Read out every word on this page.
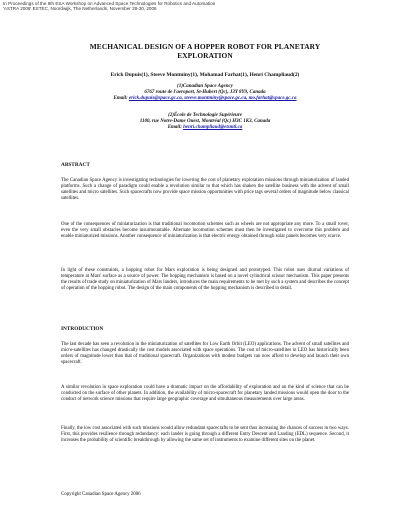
In Proceedings of the 9th ESA Workshop on Advanced Space Technologies for Robotics and Automation
'ASTRA 2006' ESTEC, Noordwijk, The Netherlands, November 28-30, 2006
MECHANICAL DESIGN OF A HOPPER ROBOT FOR PLANETARY
EXPLORATION
Erick Dupuis(1), Steeve Montminy(1), Mohamad Farhat(1), Henri Champliaud(2)
(1)Canadian Space Agency
6767 route de l'aeroport, St-Hubert (Qc), J3Y 8Y9, Canada
Email: erick.dupuis@space.gc.ca, steeve.montminy@space.gc.ca, mo.farhat@space.gc.ca
(2)École de Technologie Supérieure
1100, rue Notre-Dame Ouest, Montréal (Qc) H3C 1K3, Canada
Email: henri.champliaud@etsmtl.ca
ABSTRACT

The Canadian Space Agency is investigating technologies for lowering the cost of planetary exploration missions through miniaturization of landed platforms. Such a change of paradigm could enable a revolution similar to that which has shaken the satellite business with the advent of small satellites and micro satellites. Such spacecrafts now provide space mission opportunities with price tags several orders of magnitude below classical satellites.

One of the consequences of miniaturization is that traditional locomotion schemes such as wheels are not appropriate any more. To a small rover, even the very small obstacles become insurmountable. Alternate locomotion schemes must then be investigated to overcome this problem and enable miniaturized missions. Another consequence of miniaturization is that electric energy obtained through solar panels becomes very scarce.

In light of these constraints, a hopping robot for Mars exploration is being designed and prototyped. This robot uses diurnal variations of temperature at Mars' surface as a source of power. The hopping mechanism is based on a novel cylindrical scissor mechanism. This paper presents the results of trade study on miniaturization of Mars landers, introduces the main requirements to be met by such a system and describes the concept of operation of the hopping robot. The design of the main components of the hopping mechanism is described in detail.

INTRODUCTION

The last decade has seen a revolution in the miniaturization of satellites for Low Earth Orbit (LEO) applications. The advent of small satellites and micro-satellites has changed drastically the cost models associated with space operations. The cost of micro-satellites in LEO has historically been orders of magnitude lower than that of traditional spacecraft. Organizations with modest budgets can now afford to develop and launch their own spacecraft.

A similar revolution in space exploration could have a dramatic impact on the affordability of exploration and on the kind of science that can be conducted on the surface of other planets. In addition, the availability of micro-spacecraft for planetary landed missions would open the door to the conduct of network science missions that require large geographic coverage and simultaneous measurements over large areas.

Finally, the low cost associated with such missions would allow redundant spacecrafts to be sent thus increasing the chances of success in two ways. First, this provides resilience through redundancy: each lander is going through a different Entry Descent and Landing (EDL) sequence. Second, it increases the probability of scientific breakthrough by allowing the same set of instruments to examine different sites on the planet.

Copyright Canadian Space Agency 2006
